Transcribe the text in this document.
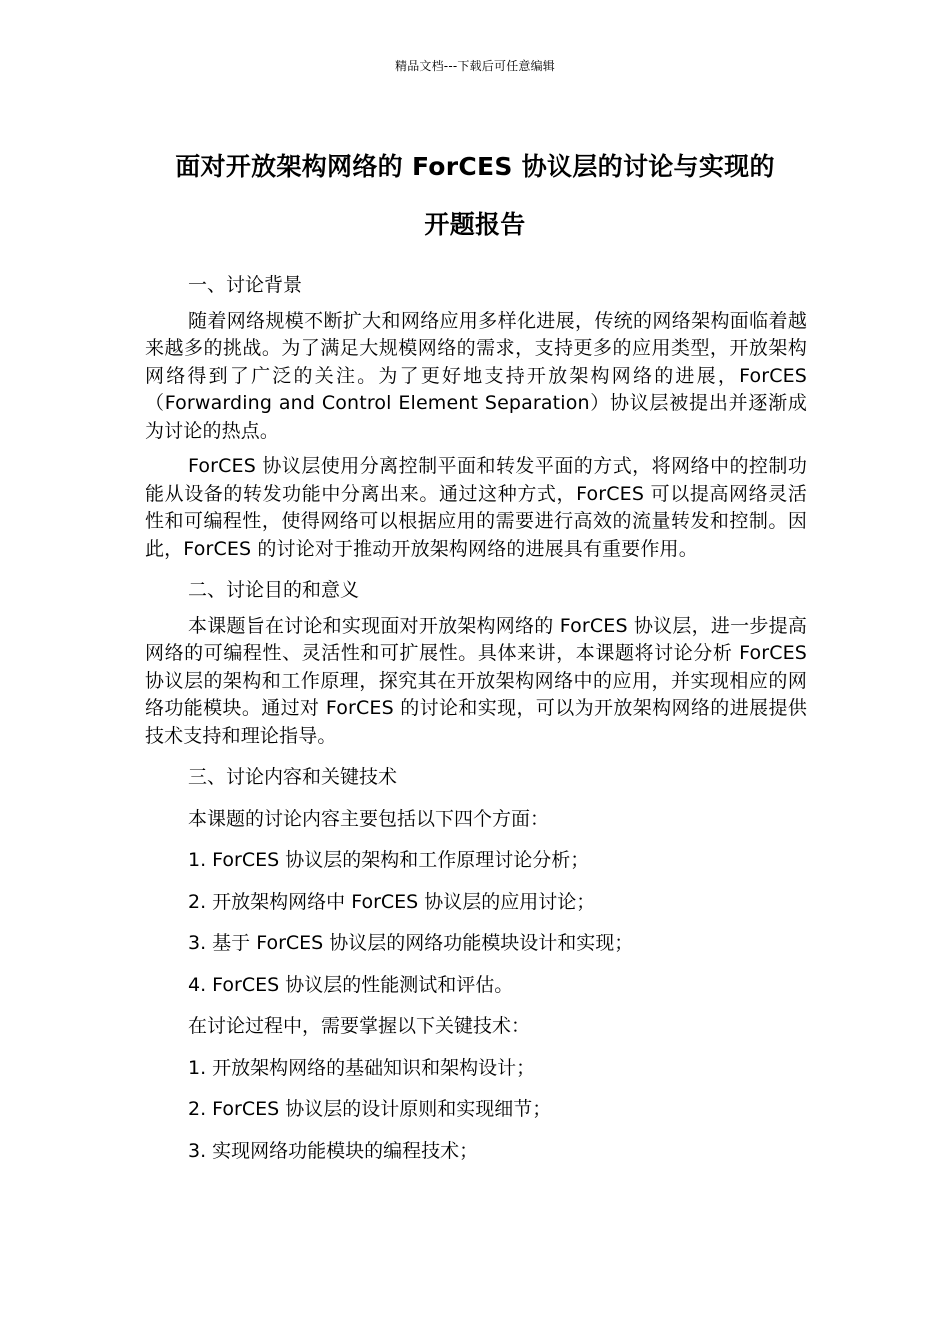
精品文档---下载后可任意编辑
面对开放架构网络的 ForCES 协议层的讨论与实现的
开题报告

一、讨论背景

随着网络规模不断扩大和网络应用多样化进展，传统的网络架构面临着越来越多的挑战。为了满足大规模网络的需求，支持更多的应用类型，开放架构网络得到了广泛的关注。为了更好地支持开放架构网络的进展，ForCES（Forwarding and Control Element Separation）协议层被提出并逐渐成为讨论的热点。

ForCES 协议层使用分离控制平面和转发平面的方式，将网络中的控制功能从设备的转发功能中分离出来。通过这种方式，ForCES 可以提高网络灵活性和可编程性，使得网络可以根据应用的需要进行高效的流量转发和控制。因此，ForCES 的讨论对于推动开放架构网络的进展具有重要作用。

二、讨论目的和意义

本课题旨在讨论和实现面对开放架构网络的 ForCES 协议层，进一步提高网络的可编程性、灵活性和可扩展性。具体来讲，本课题将讨论分析 ForCES 协议层的架构和工作原理，探究其在开放架构网络中的应用，并实现相应的网络功能模块。通过对 ForCES 的讨论和实现，可以为开放架构网络的进展提供技术支持和理论指导。

三、讨论内容和关键技术

本课题的讨论内容主要包括以下四个方面：

1. ForCES 协议层的架构和工作原理讨论分析；

2. 开放架构网络中 ForCES 协议层的应用讨论；

3. 基于 ForCES 协议层的网络功能模块设计和实现；

4. ForCES 协议层的性能测试和评估。

在讨论过程中，需要掌握以下关键技术：

1. 开放架构网络的基础知识和架构设计；

2. ForCES 协议层的设计原则和实现细节；

3. 实现网络功能模块的编程技术；
